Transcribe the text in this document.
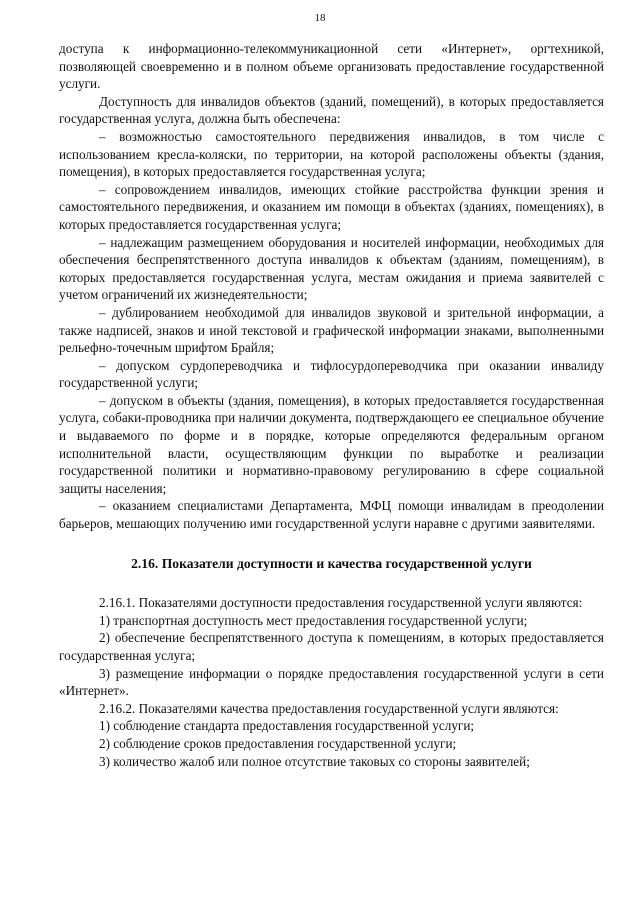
18

доступа к информационно-телекоммуникационной сети «Интернет», оргтехникой, позволяющей своевременно и в полном объеме организовать предоставление государственной услуги.

Доступность для инвалидов объектов (зданий, помещений), в которых предоставляется государственная услуга, должна быть обеспечена:

– возможностью самостоятельного передвижения инвалидов, в том числе с использованием кресла-коляски, по территории, на которой расположены объекты (здания, помещения), в которых предоставляется государственная услуга;

– сопровождением инвалидов, имеющих стойкие расстройства функции зрения и самостоятельного передвижения, и оказанием им помощи в объектах (зданиях, помещениях), в которых предоставляется государственная услуга;

– надлежащим размещением оборудования и носителей информации, необходимых для обеспечения беспрепятственного доступа инвалидов к объектам (зданиям, помещениям), в которых предоставляется государственная услуга, местам ожидания и приема заявителей с учетом ограничений их жизнедеятельности;

– дублированием необходимой для инвалидов звуковой и зрительной информации, а также надписей, знаков и иной текстовой и графической информации знаками, выполненными рельефно-точечным шрифтом Брайля;

– допуском сурдопереводчика и тифлосурдопереводчика при оказании инвалиду государственной услуги;

– допуском в объекты (здания, помещения), в которых предоставляется государственная услуга, собаки-проводника при наличии документа, подтверждающего ее специальное обучение и выдаваемого по форме и в порядке, которые определяются федеральным органом исполнительной власти, осуществляющим функции по выработке и реализации государственной политики и нормативно-правовому регулированию в сфере социальной защиты населения;

– оказанием специалистами Департамента, МФЦ помощи инвалидам в преодолении барьеров, мешающих получению ими государственной услуги наравне с другими заявителями.

2.16. Показатели доступности и качества государственной услуги

2.16.1. Показателями доступности предоставления государственной услуги являются:

1) транспортная доступность мест предоставления государственной услуги;

2) обеспечение беспрепятственного доступа к помещениям, в которых предоставляется государственная услуга;

3) размещение информации о порядке предоставления государственной услуги в сети «Интернет».

2.16.2. Показателями качества предоставления государственной услуги являются:

1) соблюдение стандарта предоставления государственной услуги;

2) соблюдение сроков предоставления государственной услуги;

3) количество жалоб или полное отсутствие таковых со стороны заявителей;
